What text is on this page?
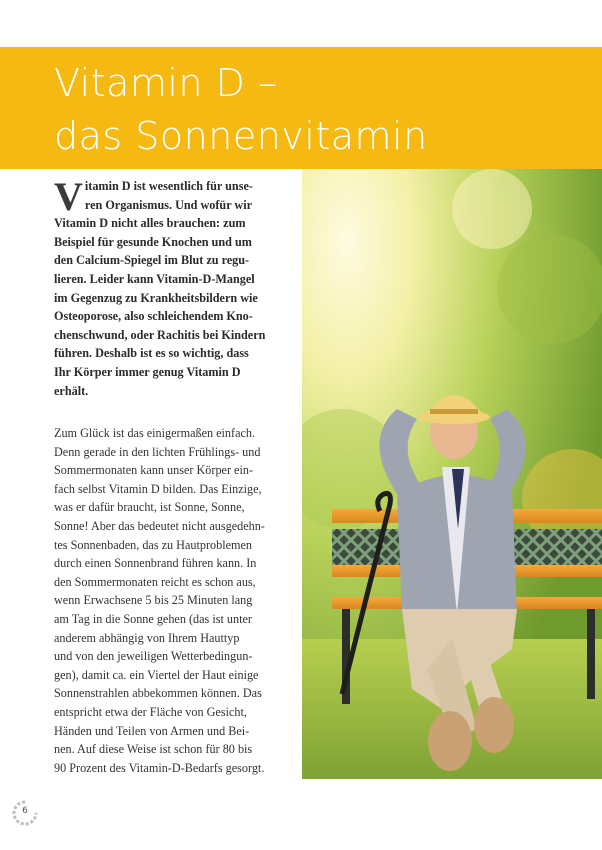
Vitamin D –
das Sonnenvitamin
V itamin D ist wesentlich für unse-
ren Organismus. Und wofür wir
Vitamin D nicht alles brauchen: zum
Beispiel für gesunde Knochen und um
den Calcium-Spiegel im Blut zu regu-
lieren. Leider kann Vitamin-D-Mangel
im Gegenzug zu Krankheitsbildern wie
Osteoporose, also schleichendem Kno-
chenschwund, oder Rachitis bei Kindern
führen. Deshalb ist es so wichtig, dass
Ihr Körper immer genug Vitamin D
erhält.
Zum Glück ist das einigermaßen einfach.
Denn gerade in den lichten Frühlings- und
Sommermonaten kann unser Körper ein-
fach selbst Vitamin D bilden. Das Einzige,
was er dafür braucht, ist Sonne, Sonne,
Sonne! Aber das bedeutet nicht ausgedehn-
tes Sonnenbaden, das zu Hautproblemen
durch einen Sonnenbrand führen kann. In
den Sommermonaten reicht es schon aus,
wenn Erwachsene 5 bis 25 Minuten lang
am Tag in die Sonne gehen (das ist unter
anderem abhängig von Ihrem Hauttyp
und von den jeweiligen Wetterbedingun-
gen), damit ca. ein Viertel der Haut einige
Sonnenstrahlen abbekommen können. Das
entspricht etwa der Fläche von Gesicht,
Händen und Teilen von Armen und Bei-
nen. Auf diese Weise ist schon für 80 bis
90 Prozent des Vitamin-D-Bedarfs gesorgt.
6
